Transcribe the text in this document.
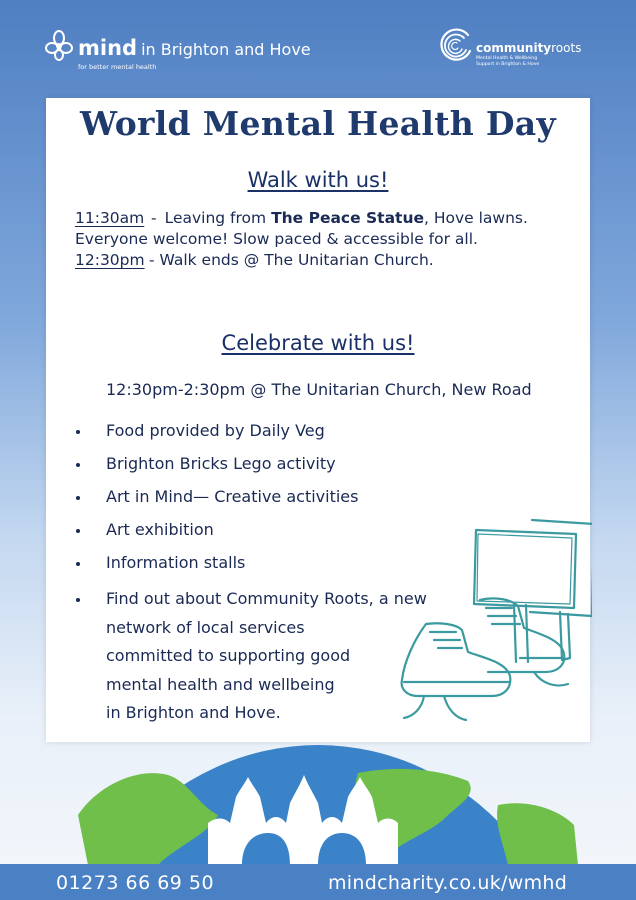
mind in Brighton and Hove
for better mental health
communityroots
Mental Health & Wellbeing
Support in Brighton & Hove
World Mental Health Day
Walk with us!
11:30am - Leaving from The Peace Statue, Hove lawns. Everyone welcome! Slow paced & accessible for all.
12:30pm - Walk ends @ The Unitarian Church.
Celebrate with us!
12:30pm-2:30pm @ The Unitarian Church, New Road
Food provided by Daily Veg
Brighton Bricks Lego activity
Art in Mind— Creative activities
Art exhibition
Information stalls
Find out about Community Roots, a new
network of local services
committed to supporting good
mental health and wellbeing
in Brighton and Hove.
01273 66 69 50	mindcharity.co.uk/wmhd
